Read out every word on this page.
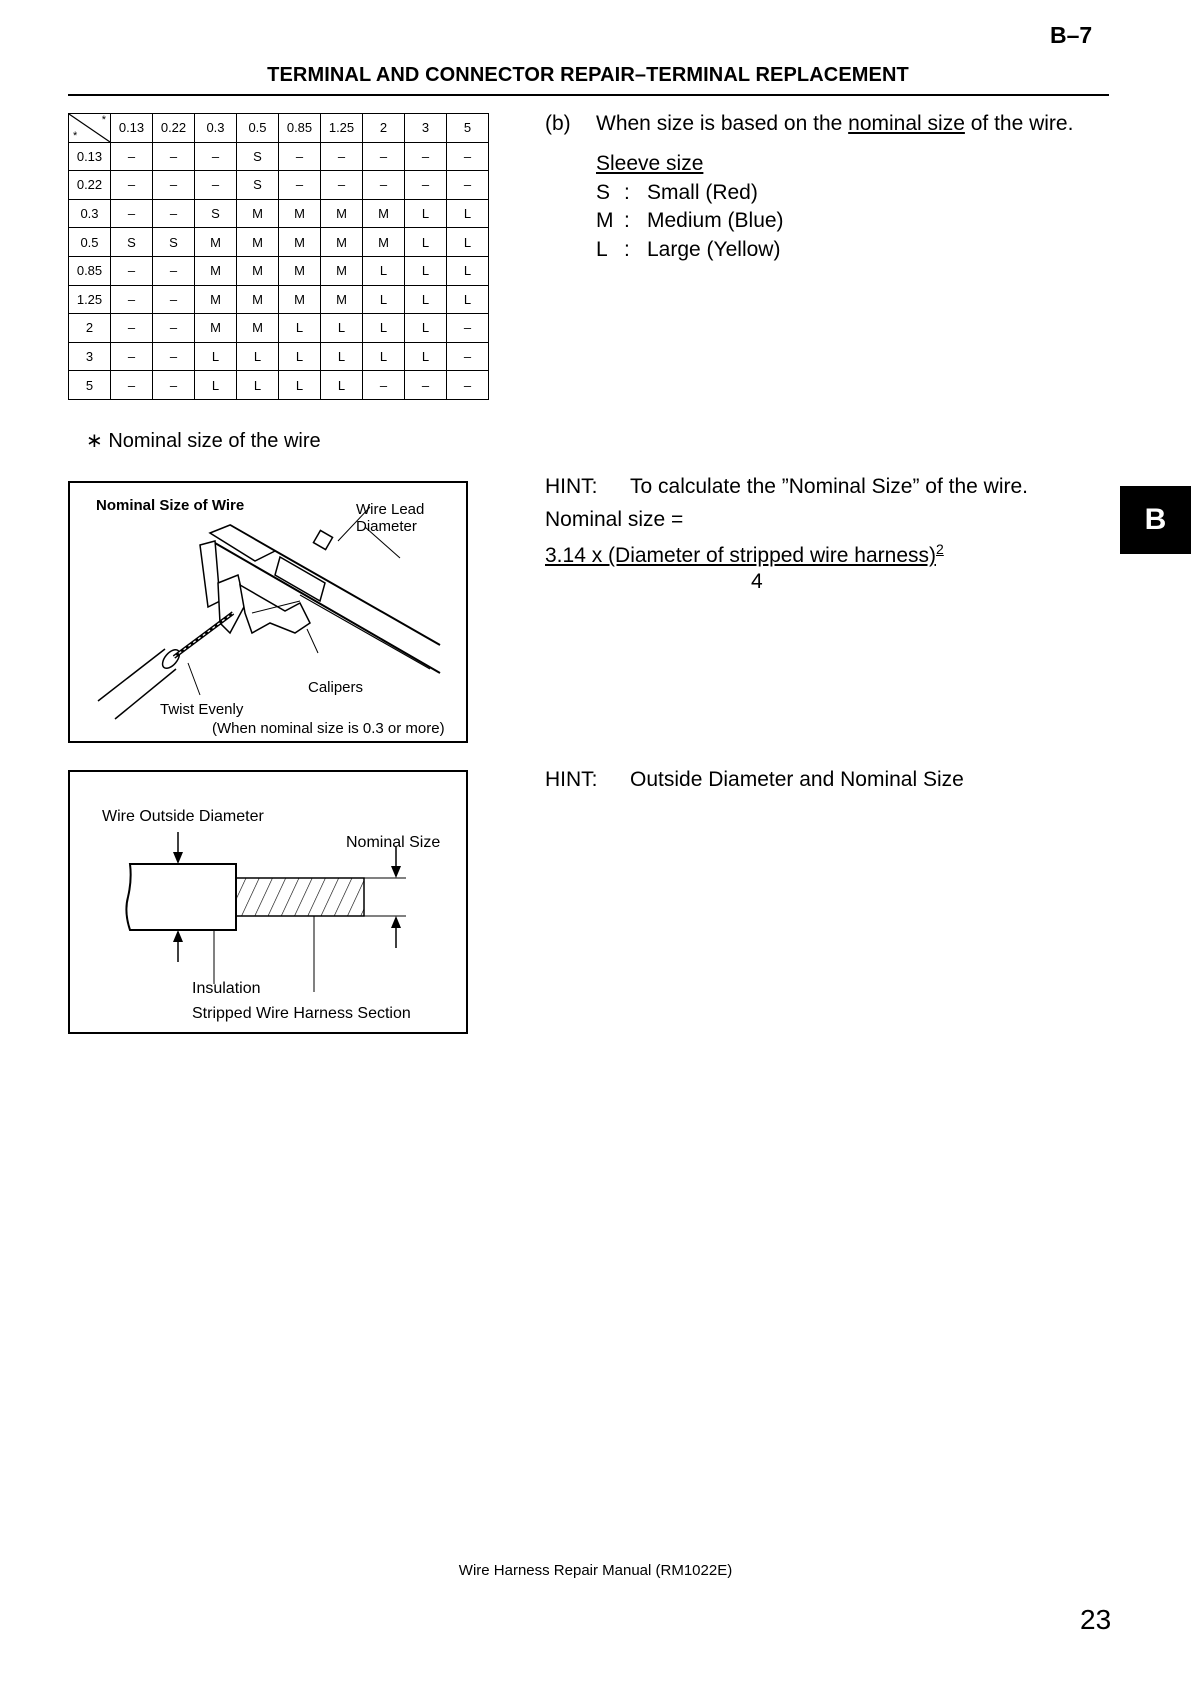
B–7
TERMINAL AND CONNECTOR REPAIR–TERMINAL REPLACEMENT
*
*	0.13	0.22	0.3	0.5	0.85	1.25	2	3	5
0.13	–	–	–	S	–	–	–	–	–
0.22	–	–	–	S	–	–	–	–	–
0.3	–	–	S	M	M	M	M	L	L
0.5	S	S	M	M	M	M	M	L	L
0.85	–	–	M	M	M	M	L	L	L
1.25	–	–	M	M	M	M	L	L	L
2	–	–	M	M	L	L	L	L	–
3	–	–	L	L	L	L	L	L	–
5	–	–	L	L	L	L	–	–	–
∗ Nominal size of the wire
(b) When size is based on the nominal size of the wire.
Sleeve size
S : Small (Red)
M : Medium (Blue)
L : Large (Yellow)
Nominal Size of Wire	Wire Lead
Diameter
Calipers
Twist Evenly
(When nominal size is 0.3 or more)
HINT: To calculate the ”Nominal Size” of the wire.
Nominal size =
3.14 x (Diameter of stripped wire harness)$^2$
4
B
Wire Outside Diameter
Nominal Size
Insulation
Stripped Wire Harness Section
HINT: Outside Diameter and Nominal Size
Wire Harness Repair Manual (RM1022E)
23
